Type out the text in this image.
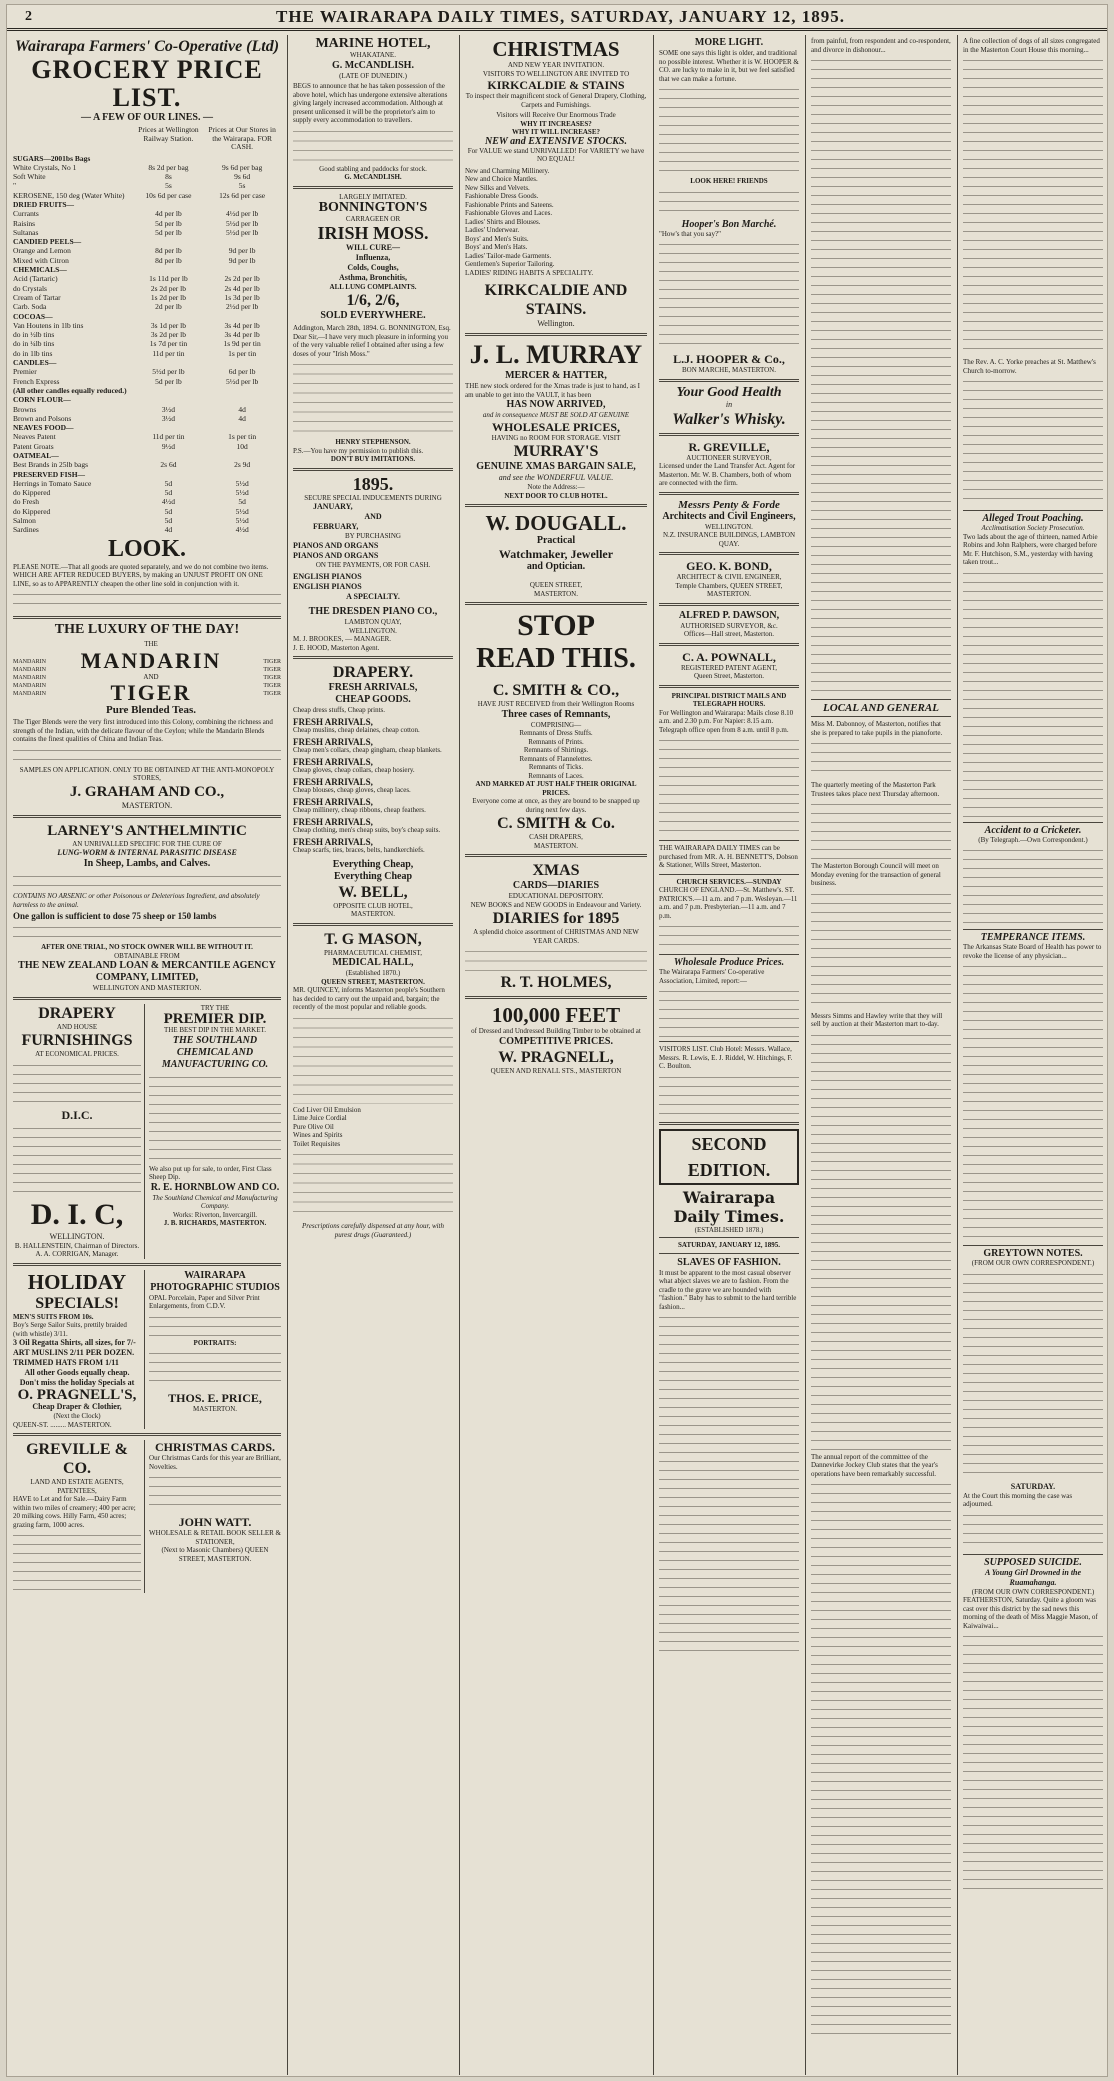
2	THE WAIRARAPA DAILY TIMES, SATURDAY, JANUARY 12, 1895.
Wairarapa Farmers' Co-Operative (Ltd)
GROCERY PRICE LIST.
— A FEW OF OUR LINES. —
Prices at Wellington Railway Station.
Prices at Our Stores in the Wairarapa. FOR CASH.
SUGARS—2001bs Bags
White Crystals, No 1	8s 2d per bag	9s 6d per bag
Soft White	8s	9s 6d
"	5s	5s
KEROSENE, 150 deg (Water White)	10s 6d per case	12s 6d per case
DRIED FRUITS—
Currants	4d per lb	4½d per lb
Raisins	5d per lb	5½d per lb
Sultanas	5d per lb	5½d per lb
CANDIED PEELS—
Orange and Lemon	8d per lb	9d per lb
Mixed with Citron	8d per lb	9d per lb
CHEMICALS—
Acid (Tartaric)	1s 11d per lb	2s 2d per lb
do Crystals	2s 2d per lb	2s 4d per lb
Cream of Tartar	1s 2d per lb	1s 3d per lb
Carb. Soda	2d per lb	2½d per lb
COCOAS—
Van Houtens in 1lb tins	3s 1d per lb	3s 4d per lb
do in ½lb tins	3s 2d per lb	3s 4d per lb
do in ¼lb tins	1s 7d per tin	1s 9d per tin
do in 1lb tins	11d per tin	1s per tin
CANDLES—
Premier	5½d per lb	6d per lb
French Express	5d per lb	5½d per lb
(All other candles equally reduced.)
CORN FLOUR—
Browns	3½d	4d
Brown and Polsons	3½d	4d
NEAVES FOOD—
Neaves Patent	11d per tin	1s per tin
Patent Groats	9½d	10d
OATMEAL—
Best Brands in 25lb bags	2s 6d	2s 9d
PRESERVED FISH—
Herrings in Tomato Sauce	5d	5½d
do Kippered	5d	5½d
do Fresh	4½d	5d
do Kippered	5d	5½d
Salmon	5d	5½d
Sardines	4d	4½d
LOOK.
PLEASE NOTE.—That all goods are quoted separately, and we do not combine two items. WHICH ARE AFTER REDUCED BUYERS, by making an UNJUST PROFIT ON ONE LINE, so as to APPARENTLY cheapen the other line sold in conjunction with it.
THE LUXURY OF THE DAY!
MANDARIN
MANDARIN
MANDARIN
MANDARIN
MANDARIN
THE
MANDARIN
AND
TIGER
Pure Blended Teas.
TIGER
TIGER
TIGER
TIGER
TIGER
The Tiger Blends were the very first introduced into this Colony, combining the richness and strength of the Indian, with the delicate flavour of the Ceylon; while the Mandarin Blends contains the finest qualities of China and Indian Teas.
SAMPLES ON APPLICATION. ONLY TO BE OBTAINED AT THE ANTI-MONOPOLY STORES,
J. GRAHAM AND CO.,
MASTERTON.
LARNEY'S ANTHELMINTIC
AN UNRIVALLED SPECIFIC FOR THE CURE OF
LUNG-WORM & INTERNAL PARASITIC DISEASE
In Sheep, Lambs, and Calves.
CONTAINS NO ARSENIC or other Poisonous or Deleterious Ingredient, and absolutely harmless to the animal.
One gallon is sufficient to dose 75 sheep or 150 lambs
AFTER ONE TRIAL, NO STOCK OWNER WILL BE WITHOUT IT.
OBTAINABLE FROM
THE NEW ZEALAND LOAN & MERCANTILE AGENCY COMPANY, LIMITED,
WELLINGTON AND MASTERTON.
DRAPERY
AND HOUSE
FURNISHINGS
AT ECONOMICAL PRICES.
D.I.C.
D. I. C,
WELLINGTON.
B. HALLENSTEIN, Chairman of Directors.
A. A. CORRIGAN, Manager.
TRY THE
PREMIER DIP.
THE BEST DIP IN THE MARKET.
THE SOUTHLAND CHEMICAL AND MANUFACTURING CO.
We also put up for sale, to order, First Class Sheep Dip.
R. E. HORNBLOW AND CO.
The Southland Chemical and Manufacturing Company.
Works: Riverton, Invercargill.
J. B. RICHARDS, MASTERTON.
HOLIDAY
SPECIALS!
MEN'S SUITS FROM 10s.
Boy's Serge Sailor Suits, prettily braided (with whistle) 3/11.
3 Oil Regatta Shirts, all sizes, for 7/-
ART MUSLINS 2/11 PER DOZEN.
TRIMMED HATS FROM 1/11
All other Goods equally cheap.
Don't miss the holiday Specials at
O. PRAGNELL'S,
Cheap Draper & Clothier,
(Next the Clock)
QUEEN-ST. ......... MASTERTON.
WAIRARAPA PHOTOGRAPHIC STUDIOS
OPAL Porcelain, Paper and Silver Print Enlargements, from C.D.V.
PORTRAITS:
THOS. E. PRICE,
MASTERTON.
GREVILLE & CO.
LAND AND ESTATE AGENTS, PATENTEES,
HAVE to Let and for Sale.—Dairy Farm within two miles of creamery; 400 per acre; 20 milking cows. Hilly Farm, 450 acres; grazing farm, 1000 acres.
CHRISTMAS CARDS.
Our Christmas Cards for this year are Brilliant, Novelties.
JOHN WATT.
WHOLESALE & RETAIL BOOK SELLER & STATIONER,
(Next to Masonic Chambers) QUEEN STREET, MASTERTON.
MARINE HOTEL,
WHAKATANE.
G. McCANDLISH.
(LATE OF DUNEDIN.)
BEGS to announce that he has taken possession of the above hotel, which has undergone extensive alterations giving largely increased accommodation. Although at present unlicensed it will be the proprietor's aim to supply every accommodation to travellers.
Good stabling and paddocks for stock.
G. McCANDLISH.
LARGELY IMITATED.
BONNINGTON'S
CARRAGEEN OR
IRISH MOSS.
WILL CURE—
Influenza,
Colds, Coughs,
Asthma, Bronchitis,
ALL LUNG COMPLAINTS.
1/6, 2/6,
SOLD EVERYWHERE.
Addington, March 28th, 1894. G. BONNINGTON, Esq. Dear Sir,—I have very much pleasure in informing you of the very valuable relief I obtained after using a few doses of your "Irish Moss."
HENRY STEPHENSON.
P.S.—You have my permission to publish this.
DON'T BUY IMITATIONS.
1895.
SECURE SPECIAL INDUCEMENTS DURING
JANUARY,
AND
FEBRUARY,
BY PURCHASING
PIANOS AND ORGANS
PIANOS AND ORGANS
ON THE PAYMENTS, OR FOR CASH.
ENGLISH PIANOS
ENGLISH PIANOS
A SPECIALTY.
THE DRESDEN PIANO CO.,
LAMBTON QUAY,
WELLINGTON.
M. J. BROOKES, — MANAGER.
J. E. HOOD, Masterton Agent.
DRAPERY.
FRESH ARRIVALS,
CHEAP GOODS.
Cheap dress stuffs, Cheap prints.
FRESH ARRIVALS,
Cheap muslins, cheap delaines, cheap cotton.
FRESH ARRIVALS,
Cheap men's collars, cheap gingham, cheap blankets.
FRESH ARRIVALS,
Cheap gloves, cheap collars, cheap hosiery.
FRESH ARRIVALS,
Cheap blouses, cheap gloves, cheap laces.
FRESH ARRIVALS,
Cheap millinery, cheap ribbons, cheap feathers.
FRESH ARRIVALS,
Cheap clothing, men's cheap suits, boy's cheap suits.
FRESH ARRIVALS,
Cheap scarfs, ties, braces, belts, handkerchiefs.
Everything Cheap,
Everything Cheap
W. BELL,
OPPOSITE CLUB HOTEL,
MASTERTON.
T. G MASON,
PHARMACEUTICAL CHEMIST,
MEDICAL HALL,
(Established 1870.)
QUEEN STREET, MASTERTON.
MR. QUINCEY, informs Masterton people's Southern has decided to carry out the unpaid and, bargain; the recently of the most popular and reliable goods.
Cod Liver Oil Emulsion
Lime Juice Cordial
Pure Olive Oil
Wines and Spirits
Toilet Requisites
Prescriptions carefully dispensed at any hour, with purest drugs (Guaranteed.)
CHRISTMAS
AND NEW YEAR INVITATION.
VISITORS TO WELLINGTON ARE INVITED TO
KIRKCALDIE & STAINS
To inspect their magnificent stock of General Drapery, Clothing, Carpets and Furnishings.
Visitors will Receive Our Enormous Trade
WHY IT INCREASES?
WHY IT WILL INCREASE?
NEW and EXTENSIVE STOCKS.
For VALUE we stand UNRIVALLED! For VARIETY we have NO EQUAL!
New and Charming Millinery.
New and Choice Mantles.
New Silks and Velvets.
Fashionable Dress Goods.
Fashionable Prints and Sateens.
Fashionable Gloves and Laces.
Ladies' Shirts and Blouses.
Ladies' Underwear.
Boys' and Men's Suits.
Boys' and Men's Hats.
Ladies' Tailor-made Garments.
Gentlemen's Superior Tailoring.
LADIES' RIDING HABITS A SPECIALITY.
KIRKCALDIE AND STAINS.
Wellington.
J. L. MURRAY
MERCER & HATTER,
THE new stock ordered for the Xmas trade is just to hand, as I am unable to get into the VAULT, it has been
HAS NOW ARRIVED,
and in consequence MUST BE SOLD AT GENUINE
WHOLESALE PRICES,
HAVING no ROOM FOR STORAGE. VISIT
MURRAY'S
GENUINE XMAS BARGAIN SALE,
and see the WONDERFUL VALUE.
Note the Address:—
NEXT DOOR TO CLUB HOTEL.
W. DOUGALL.
Practical
Watchmaker, Jeweller
and Optician.
QUEEN STREET,
MASTERTON.
STOP
READ THIS.
C. SMITH & CO.,
HAVE JUST RECEIVED from their Wellington Rooms
Three cases of Remnants,
COMPRISING—
Remnants of Dress Stuffs.
Remnants of Prints.
Remnants of Shirtings.
Remnants of Flannelettes.
Remnants of Ticks.
Remnants of Laces.
AND MARKED AT JUST HALF THEIR ORIGINAL PRICES.
Everyone come at once, as they are bound to be snapped up during next few days.
C. SMITH & Co.
CASH DRAPERS,
MASTERTON.
XMAS
CARDS—DIARIES
EDUCATIONAL DEPOSITORY.
NEW BOOKS and NEW GOODS in Endeavour and Variety.
DIARIES for 1895
A splendid choice assortment of CHRISTMAS AND NEW YEAR CARDS.
R. T. HOLMES,
100,000 FEET
of Dressed and Undressed Building Timber to be obtained at
COMPETITIVE PRICES.
W. PRAGNELL,
QUEEN AND RENALL STS., MASTERTON
MORE LIGHT.
SOME one says this light is older, and traditional no possible interest. Whether it is W. HOOPER & CO. are lucky to make in it, but we feel satisfied that we can make a fortune.
LOOK HERE! FRIENDS
Hooper's Bon Marché.
"How's that you say?"
L.J. HOOPER & Co.,
BON MARCHE, MASTERTON.
Your Good Health
in
Walker's Whisky.
R. GREVILLE,
AUCTIONEER SURVEYOR,
Licensed under the Land Transfer Act. Agent for Masterton. Mr. W. B. Chambers, both of whom are connected with the firm.
Messrs Penty & Forde
Architects and Civil Engineers,
WELLINGTON.
N.Z. INSURANCE BUILDINGS, LAMBTON QUAY.
GEO. K. BOND,
ARCHITECT & CIVIL ENGINEER,
Temple Chambers, QUEEN STREET, MASTERTON.
ALFRED P. DAWSON,
AUTHORISED SURVEYOR, &c.
Offices—Hall street, Masterton.
C. A. POWNALL,
REGISTERED PATENT AGENT,
Queen Street, Masterton.
PRINCIPAL DISTRICT MAILS AND TELEGRAPH HOURS.
For Wellington and Wairarapa: Mails close 8.10 a.m. and 2.30 p.m. For Napier: 8.15 a.m. Telegraph office open from 8 a.m. until 8 p.m.
THE WAIRARAPA DAILY TIMES can be purchased from MR. A. H. BENNETT'S, Dobson & Stationer, Wills Street, Masterton.
CHURCH SERVICES.—SUNDAY
CHURCH OF ENGLAND.—St. Matthew's. ST. PATRICK'S.—11 a.m. and 7 p.m. Wesleyan.—11 a.m. and 7 p.m. Presbyterian.—11 a.m. and 7 p.m.
Wholesale Produce Prices.
The Wairarapa Farmers' Co-operative Association, Limited, report:—
VISITORS LIST. Club Hotel: Messrs. Wallace, Messrs. R. Lewis, E. J. Riddel, W. Hitchings, F. C. Boulton.
SECOND EDITION.
Wairarapa Daily Times.
(ESTABLISHED 1878.)
SATURDAY, JANUARY 12, 1895.
SLAVES OF FASHION.
It must be apparent to the most casual observer what abject slaves we are to fashion. From the cradle to the grave we are hounded with "fashion." Baby has to submit to the hard terrible fashion...
from painful, from respondent and co-respondent, and divorce in dishonour...
LOCAL AND GENERAL
Miss M. Dabonnoy, of Masterton, notifies that she is prepared to take pupils in the pianoforte.
The quarterly meeting of the Masterton Park Trustees takes place next Thursday afternoon.
The Masterton Borough Council will meet on Monday evening for the transaction of general business.
Messrs Simms and Hawley write that they will sell by auction at their Masterton mart to-day.
The annual report of the committee of the Dannevirke Jockey Club states that the year's operations have been remarkably successful.
A fine collection of dogs of all sizes congregated in the Masterton Court House this morning...
The Rev. A. C. Yorke preaches at St. Matthew's Church to-morrow.
Alleged Trout Poaching.
Acclimatisation Society Prosecution.
Two lads about the age of thirteen, named Arbie Robins and John Ralphers, were charged before Mr. F. Hutchison, S.M., yesterday with having taken trout...
Accident to a Cricketer.
(By Telegraph.—Own Correspondent.)
TEMPERANCE ITEMS.
The Arkansas State Board of Health has power to revoke the license of any physician...
GREYTOWN NOTES.
(FROM OUR OWN CORRESPONDENT.)
SATURDAY.
At the Court this morning the case was adjourned.
SUPPOSED SUICIDE.
A Young Girl Drowned in the Ruamahanga.
(FROM OUR OWN CORRESPONDENT.)
FEATHERSTON, Saturday. Quite a gloom was cast over this district by the sad news this morning of the death of Miss Maggie Mason, of Kaiwaiwai...
